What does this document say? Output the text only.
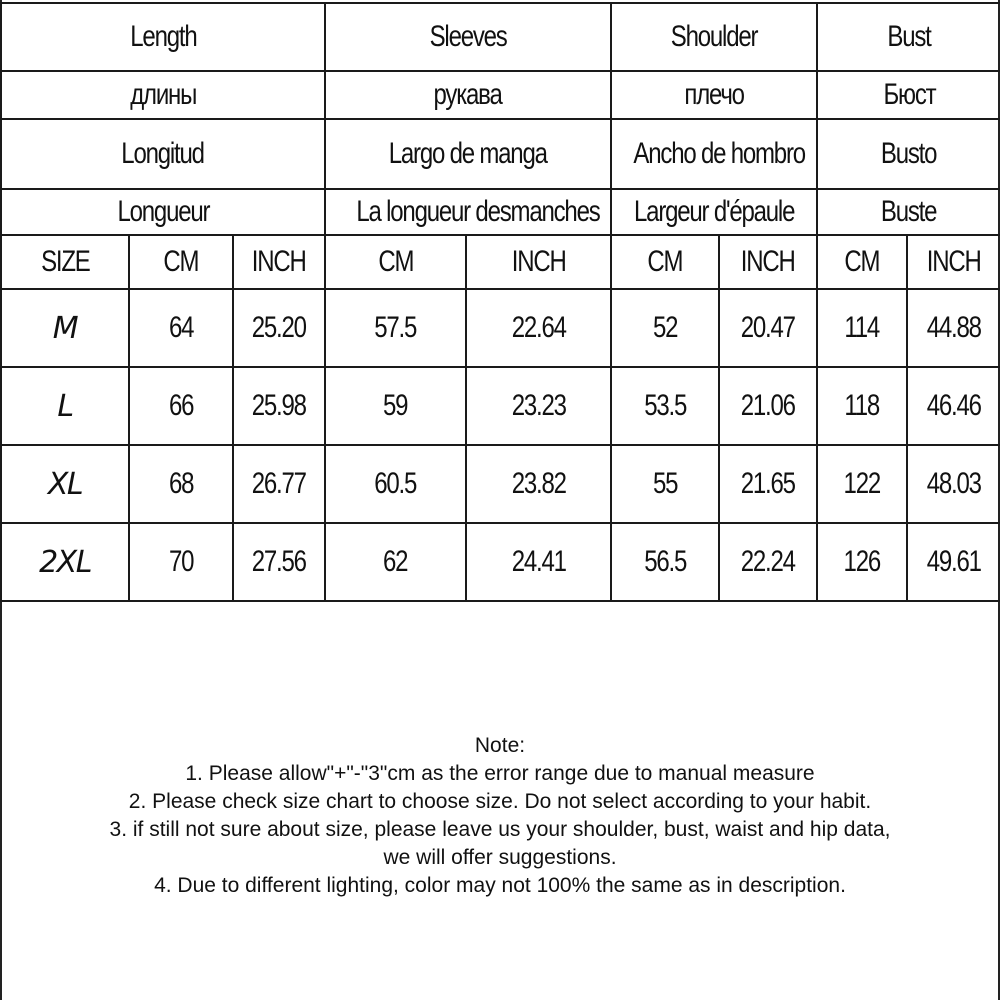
Length			Sleeves		Shoulder		Bust	
длины			рукава		плечо		Бюст	
Longitud			Largo de manga		Ancho de hombro		Busto	
Longueur			La longueur desmanches		Largeur d'épaule		Buste	
SIZE	CM	INCH	CM	INCH	CM	INCH	CM	INCH
M	64	25.20	57.5	22.64	52	20.47	114	44.88
L	66	25.98	59	23.23	53.5	21.06	118	46.46
XL	68	26.77	60.5	23.82	55	21.65	122	48.03
2XL	70	27.56	62	24.41	56.5	22.24	126	49.61
Note:
1. Please allow"+"-"3"cm as the error range due to manual measure
2. Please check size chart to choose size. Do not select according to your habit.
3. if still not sure about size, please leave us your shoulder, bust, waist and hip data,
we will offer suggestions.
4. Due to different lighting, color may not 100% the same as in description.
